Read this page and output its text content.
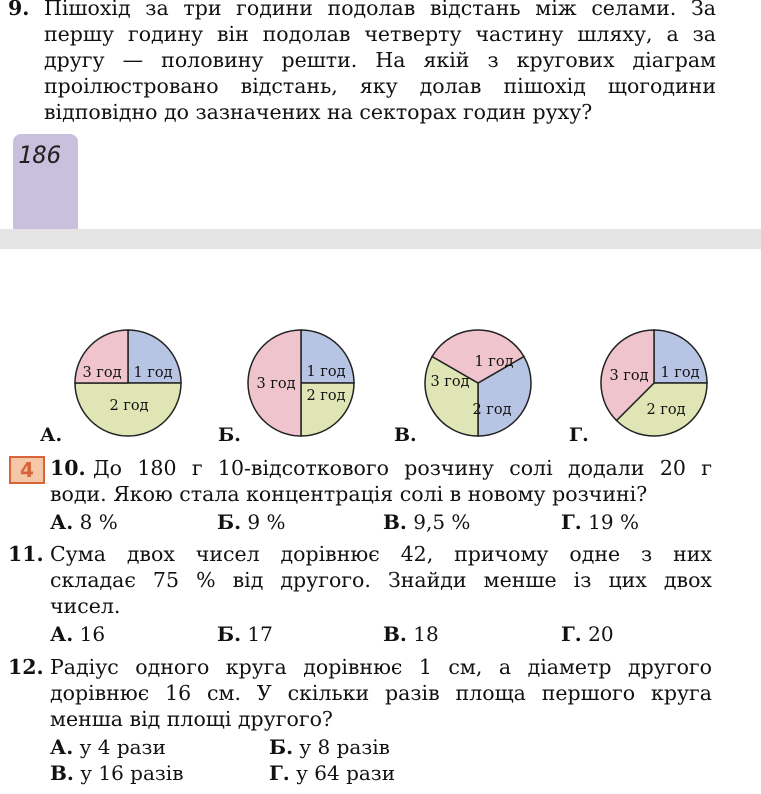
9. Пішохід за три години подолав відстань між селами. За
першу годину він подолав четверту частину шляху, а за
другу — половину решти. На якій з кругових діаграм
проілюстровано відстань, яку долав пішохід щогодини
відповідно до зазначених на секторах годин руху?
186
1 год
2 год
3 год	1 год
2 год
3 год
1 год
2 год
3 год
1 год
2 год
3 год
А.	Б.	В.	Г.
4 10. До 180 г 10-відсоткового розчину солі додали 20 г
води. Якою стала концентрація солі в новому розчині?
А. 8 %	Б. 9 %	В. 9,5 %	Г. 19 %
11. Сума двох чисел дорівнює 42, причому одне з них
складає 75 % від другого. Знайди менше із цих двох
чисел.
А. 16	Б. 17	В. 18	Г. 20
12. Радіус одного круга дорівнює 1 см, а діаметр другого
дорівнює 16 см. У скільки разів площа першого круга
менша від площі другого?
А. у 4 рази	Б. у 8 разів
В. у 16 разів	Г. у 64 рази
